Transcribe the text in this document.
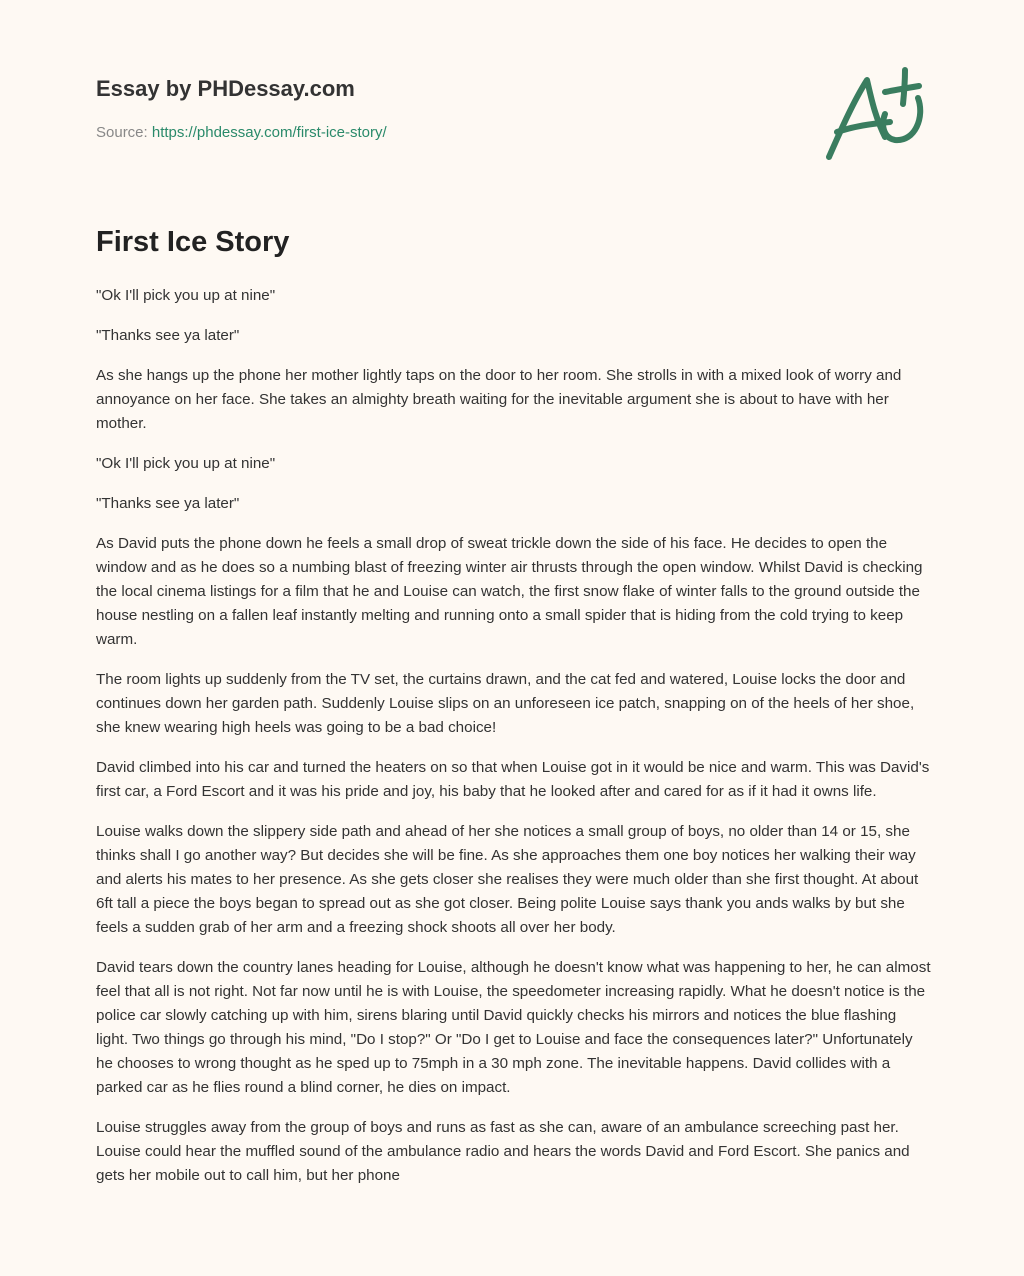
Essay by PHDessay.com
Source: https://phdessay.com/first-ice-story/
First Ice Story

"Ok I'll pick you up at nine"

"Thanks see ya later"

As she hangs up the phone her mother lightly taps on the door to her room. She strolls in with a mixed look of worry and annoyance on her face. She takes an almighty breath waiting for the inevitable argument she is about to have with her mother.

"Ok I'll pick you up at nine"

"Thanks see ya later"

As David puts the phone down he feels a small drop of sweat trickle down the side of his face. He decides to open the window and as he does so a numbing blast of freezing winter air thrusts through the open window. Whilst David is checking the local cinema listings for a film that he and Louise can watch, the first snow flake of winter falls to the ground outside the house nestling on a fallen leaf instantly melting and running onto a small spider that is hiding from the cold trying to keep warm.

The room lights up suddenly from the TV set, the curtains drawn, and the cat fed and watered, Louise locks the door and continues down her garden path. Suddenly Louise slips on an unforeseen ice patch, snapping on of the heels of her shoe, she knew wearing high heels was going to be a bad choice!

David climbed into his car and turned the heaters on so that when Louise got in it would be nice and warm. This was David's first car, a Ford Escort and it was his pride and joy, his baby that he looked after and cared for as if it had it owns life.

Louise walks down the slippery side path and ahead of her she notices a small group of boys, no older than 14 or 15, she thinks shall I go another way? But decides she will be fine. As she approaches them one boy notices her walking their way and alerts his mates to her presence. As she gets closer she realises they were much older than she first thought. At about 6ft tall a piece the boys began to spread out as she got closer. Being polite Louise says thank you ands walks by but she feels a sudden grab of her arm and a freezing shock shoots all over her body.

David tears down the country lanes heading for Louise, although he doesn't know what was happening to her, he can almost feel that all is not right. Not far now until he is with Louise, the speedometer increasing rapidly. What he doesn't notice is the police car slowly catching up with him, sirens blaring until David quickly checks his mirrors and notices the blue flashing light. Two things go through his mind, "Do I stop?" Or "Do I get to Louise and face the consequences later?" Unfortunately he chooses to wrong thought as he sped up to 75mph in a 30 mph zone. The inevitable happens. David collides with a parked car as he flies round a blind corner, he dies on impact.

Louise struggles away from the group of boys and runs as fast as she can, aware of an ambulance screeching past her. Louise could hear the muffled sound of the ambulance radio and hears the words David and Ford Escort. She panics and gets her mobile out to call him, but her phone
